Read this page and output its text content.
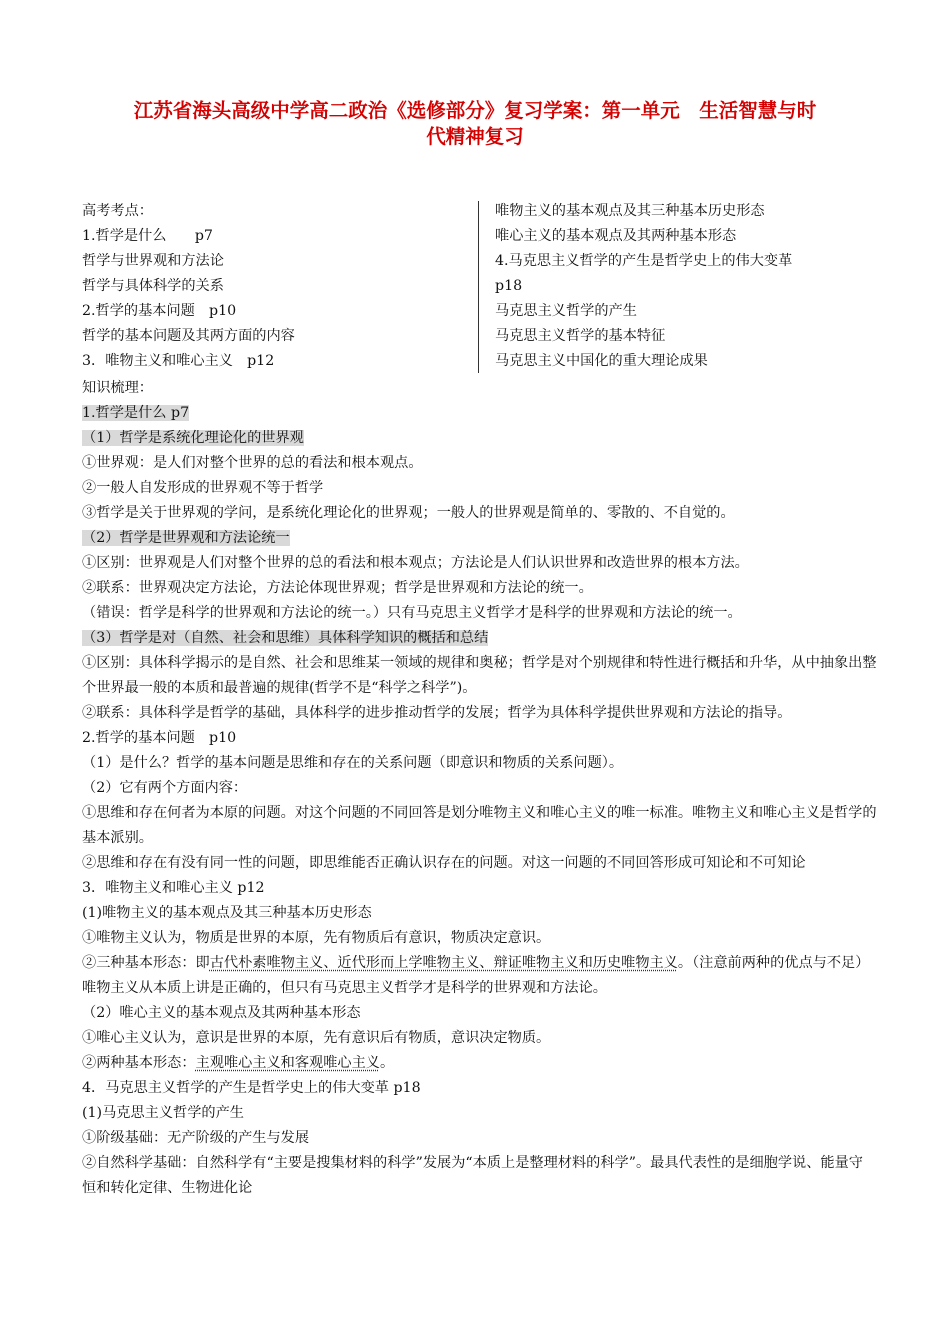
江苏省海头高级中学高二政治《选修部分》复习学案：第一单元　生活智慧与时
代精神复习
高考考点：
1.哲学是什么　　p7
哲学与世界观和方法论
哲学与具体科学的关系
2.哲学的基本问题　p10
哲学的基本问题及其两方面的内容
3．唯物主义和唯心主义　p12
唯物主义的基本观点及其三种基本历史形态
唯心主义的基本观点及其两种基本形态
4.马克思主义哲学的产生是哲学史上的伟大变革
p18
马克思主义哲学的产生
马克思主义哲学的基本特征
马克思主义中国化的重大理论成果
知识梳理：
1.哲学是什么 p7
（1）哲学是系统化理论化的世界观
①世界观：是人们对整个世界的总的看法和根本观点。
②一般人自发形成的世界观不等于哲学
③哲学是关于世界观的学问，是系统化理论化的世界观；一般人的世界观是简单的、零散的、不自觉的。
（2）哲学是世界观和方法论统一
①区别：世界观是人们对整个世界的总的看法和根本观点；方法论是人们认识世界和改造世界的根本方法。
②联系：世界观决定方法论，方法论体现世界观；哲学是世界观和方法论的统一。
（错误：哲学是科学的世界观和方法论的统一。）只有马克思主义哲学才是科学的世界观和方法论的统一。
（3）哲学是对（自然、社会和思维）具体科学知识的概括和总结
①区别：具体科学揭示的是自然、社会和思维某一领域的规律和奥秘；哲学是对个别规律和特性进行概括和升华，从中抽象出整个世界最一般的本质和最普遍的规律(哲学不是“科学之科学”)。
②联系：具体科学是哲学的基础，具体科学的进步推动哲学的发展；哲学为具体科学提供世界观和方法论的指导。
2.哲学的基本问题　p10
（1）是什么？哲学的基本问题是思维和存在的关系问题（即意识和物质的关系问题）。
（2）它有两个方面内容：
①思维和存在何者为本原的问题。对这个问题的不同回答是划分唯物主义和唯心主义的唯一标准。唯物主义和唯心主义是哲学的基本派别。
②思维和存在有没有同一性的问题，即思维能否正确认识存在的问题。对这一问题的不同回答形成可知论和不可知论
3．唯物主义和唯心主义 p12
(1)唯物主义的基本观点及其三种基本历史形态
①唯物主义认为，物质是世界的本原，先有物质后有意识，物质决定意识。
②三种基本形态：即古代朴素唯物主义、近代形而上学唯物主义、辩证唯物主义和历史唯物主义。（注意前两种的优点与不足）唯物主义从本质上讲是正确的，但只有马克思主义哲学才是科学的世界观和方法论。
（2）唯心主义的基本观点及其两种基本形态
①唯心主义认为，意识是世界的本原，先有意识后有物质，意识决定物质。
②两种基本形态：主观唯心主义和客观唯心主义。
4．马克思主义哲学的产生是哲学史上的伟大变革 p18
(1)马克思主义哲学的产生
①阶级基础：无产阶级的产生与发展
②自然科学基础：自然科学有“主要是搜集材料的科学”发展为“本质上是整理材料的科学”。最具代表性的是细胞学说、能量守恒和转化定律、生物进化论
